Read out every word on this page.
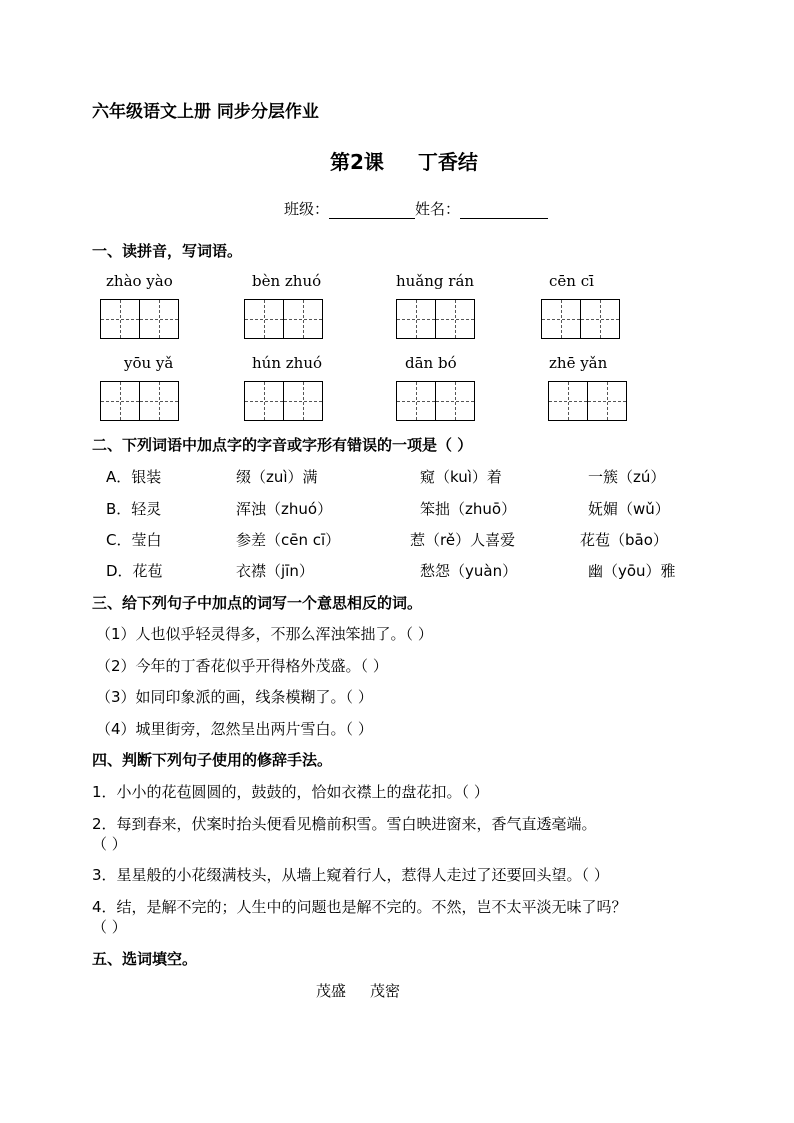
六年级语文上册 同步分层作业
第2课 丁香结
班级：	姓名：
一、读拼音，写词语。
zhào yào	bèn zhuó	huǎng rán	cēn cī
yōu yǎ	hún zhuó	dān bó	zhē yǎn
二、下列词语中加点字的字音或字形有错误的一项是（ ）
A．银装	缀（zuì）满	窥（kuì）着	一簇（zú）
B．轻灵	浑浊（zhuó）	笨拙（zhuō）	妩媚（wǔ）
C．莹白	参差（cēn cī）	惹（rě）人喜爱	花苞（bāo）
D．花苞	衣襟（jīn）	愁怨（yuàn）	幽（yōu）雅
三、给下列句子中加点的词写一个意思相反的词。
（1）人也似乎轻灵得多，不那么浑浊笨拙了。（ ）
（2）今年的丁香花似乎开得格外茂盛。（ ）
（3）如同印象派的画，线条模糊了。（ ）
（4）城里街旁，忽然呈出两片雪白。（ ）
四、判断下列句子使用的修辞手法。
1．小小的花苞圆圆的，鼓鼓的，恰如衣襟上的盘花扣。（ ）
2．每到春来，伏案时抬头便看见檐前积雪。雪白映进窗来，香气直透毫端。
（ ）
3．星星般的小花缀满枝头，从墙上窥着行人，惹得人走过了还要回头望。（ ）
4．结，是解不完的；人生中的问题也是解不完的。不然，岂不太平淡无味了吗？
（ ）
五、选词填空。
茂盛 茂密
